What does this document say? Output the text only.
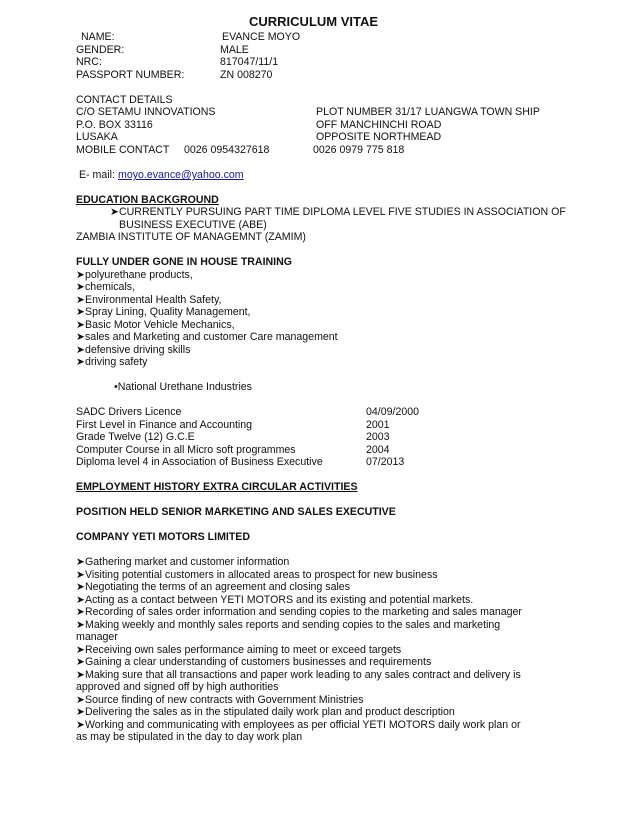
CURRICULUM VITAE
NAME:	EVANCE MOYO
GENDER:	MALE
NRC:	817047/11/1
PASSPORT NUMBER:	ZN 008270
CONTACT DETAILS
C/O SETAMU INNOVATIONS	PLOT NUMBER 31/17 LUANGWA TOWN SHIP
P.O. BOX 33116	OFF MANCHINCHI ROAD
LUSAKA	OPPOSITE NORTHMEAD
MOBILE CONTACT 0026 0954327618	0026 0979 775 818
E- mail: moyo.evance@yahoo.com
EDUCATION BACKGROUND
➤CURRENTLY PURSUING PART TIME DIPLOMA LEVEL FIVE STUDIES IN ASSOCIATION OF
BUSINESS EXECUTIVE (ABE)
ZAMBIA INSTITUTE OF MANAGEMNT (ZAMIM)
FULLY UNDER GONE IN HOUSE TRAINING
➤polyurethane products,
➤chemicals,
➤Environmental Health Safety,
➤Spray Lining, Quality Management,
➤Basic Motor Vehicle Mechanics,
➤sales and Marketing and customer Care management
➤defensive driving skills
➤driving safety
•National Urethane Industries
SADC Drivers Licence	04/09/2000
First Level in Finance and Accounting	2001
Grade Twelve (12) G.C.E	2003
Computer Course in all Micro soft programmes	2004
Diploma level 4 in Association of Business Executive	07/2013
EMPLOYMENT HISTORY EXTRA CIRCULAR ACTIVITIES
POSITION HELD SENIOR MARKETING AND SALES EXECUTIVE
COMPANY YETI MOTORS LIMITED
➤Gathering market and customer information
➤Visiting potential customers in allocated areas to prospect for new business
➤Negotiating the terms of an agreement and closing sales
➤Acting as a contact between YETI MOTORS and its existing and potential markets.
➤Recording of sales order information and sending copies to the marketing and sales manager
➤Making weekly and monthly sales reports and sending copies to the sales and marketing
manager
➤Receiving own sales performance aiming to meet or exceed targets
➤Gaining a clear understanding of customers businesses and requirements
➤Making sure that all transactions and paper work leading to any sales contract and delivery is
approved and signed off by high authorities
➤Source finding of new contracts with Government Ministries
➤Delivering the sales as in the stipulated daily work plan and product description
➤Working and communicating with employees as per official YETI MOTORS daily work plan or
as may be stipulated in the day to day work plan
